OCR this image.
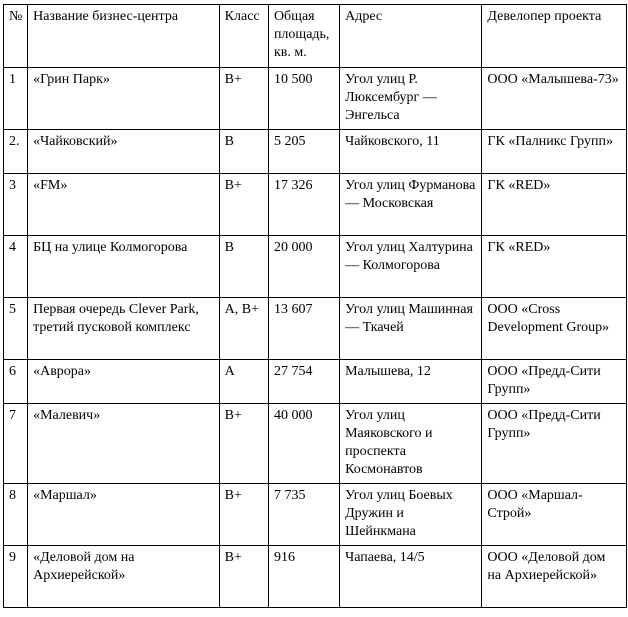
№	Название бизнес-центра	Класс	Общая площадь, кв. м.	Адрес	Девелопер проекта
1	«Грин Парк»	B+	10 500	Угол улиц Р. Люксембург — Энгельса	ООО «Малышева-73»
2.	«Чайковский»	B	5 205	Чайковского, 11	ГК «Палникс Групп»
3	«FM»	B+	17 326	Угол улиц Фурманова — Московская	ГК «RED»
4	БЦ на улице Колмогорова	B	20 000	Угол улиц Халтурина — Колмогорова	ГК «RED»
5	Первая очередь Clever Park, третий пусковой комплекс	A, B+	13 607	Угол улиц Машинная — Ткачей	ООО «Cross Development Group»
6	«Аврора»	A	27 754	Малышева, 12	ООО «Предд-Сити Групп»
7	«Малевич»	B+	40 000	Угол улиц Маяковского и проспекта Космонавтов	ООО «Предд-Сити Групп»
8	«Маршал»	B+	7 735	Угол улиц Боевых Дружин и Шейнкмана	ООО «Маршал-Строй»
9	«Деловой дом на Архиерейской»	B+	916	Чапаева, 14/5	ООО «Деловой дом на Архиерейской»
